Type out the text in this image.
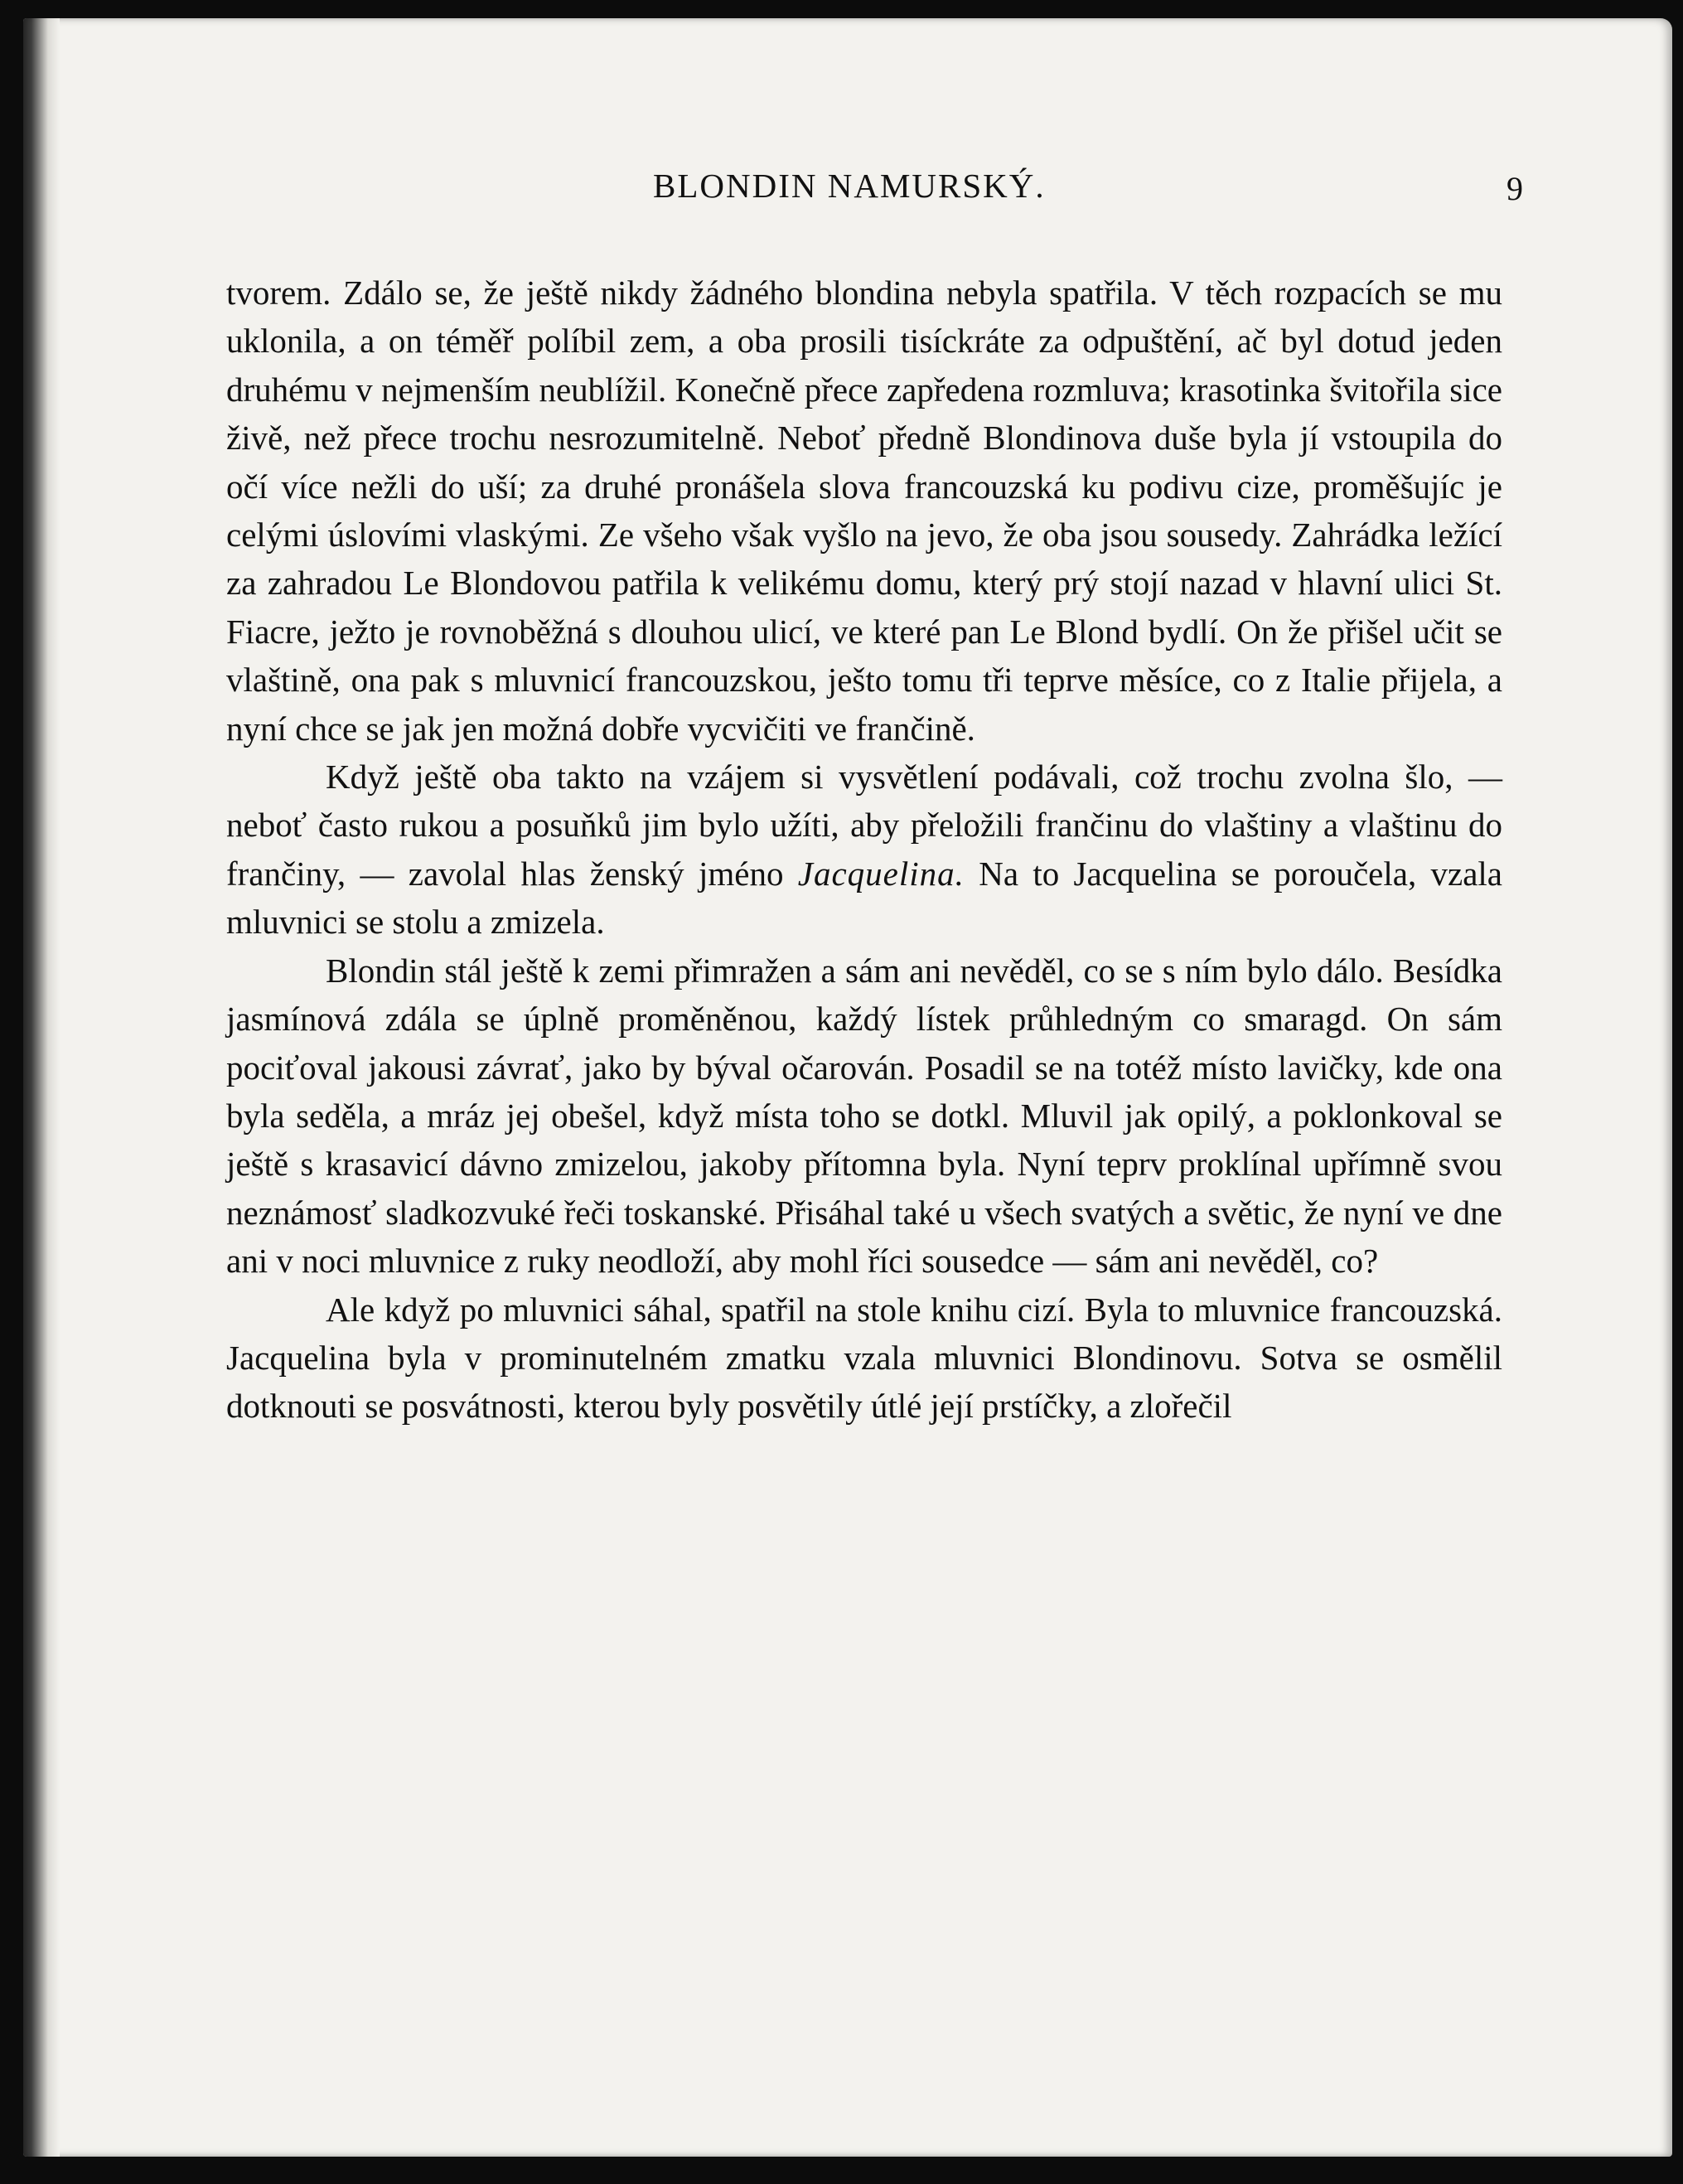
BLONDIN NAMURSKÝ.	9

tvorem. Zdálo se, že ještě nikdy žádného blondina nebyla spatřila. V těch rozpacích se mu uklonila, a on téměř políbil zem, a oba prosili tisíckráte za odpuštění, ač byl dotud jeden druhému v nejmenším neublížil. Konečně přece zapředena rozmluva; krasotinka švitořila sice živě, než přece trochu nesrozumitelně. Neboť předně Blondinova duše byla jí vstoupila do očí více nežli do uší; za druhé pronášela slova francouzská ku podivu cize, proměšujíc je celými úslovími vlaskými. Ze všeho však vyšlo na jevo, že oba jsou sousedy. Zahrádka ležící za zahradou Le Blondovou patřila k velikému domu, který prý stojí nazad v hlavní ulici St. Fiacre, ježto je rovnoběžná s dlouhou ulicí, ve které pan Le Blond bydlí. On že přišel učit se vlaštině, ona pak s mluvnicí francouzskou, ješto tomu tři teprve měsíce, co z Italie přijela, a nyní chce se jak jen možná dobře vycvičiti ve frančině.

Když ještě oba takto na vzájem si vysvětlení podávali, což trochu zvolna šlo, — neboť často rukou a posuňků jim bylo užíti, aby přeložili frančinu do vlaštiny a vlaštinu do frančiny, — zavolal hlas ženský jméno Jacquelina. Na to Jacquelina se poroučela, vzala mluvnici se stolu a zmizela.

Blondin stál ještě k zemi přimražen a sám ani nevěděl, co se s ním bylo dálo. Besídka jasmínová zdála se úplně proměněnou, každý lístek průhledným co smaragd. On sám pociťoval jakousi závrať, jako by býval očarován. Posadil se na totéž místo lavičky, kde ona byla seděla, a mráz jej obešel, když místa toho se dotkl. Mluvil jak opilý, a poklonkoval se ještě s krasavicí dávno zmizelou, jakoby přítomna byla. Nyní teprv proklínal upřímně svou neznámosť sladkozvuké řeči toskanské. Přisáhal také u všech svatých a světic, že nyní ve dne ani v noci mluvnice z ruky neodloží, aby mohl říci sousedce — sám ani nevěděl, co?

Ale když po mluvnici sáhal, spatřil na stole knihu cizí. Byla to mluvnice francouzská. Jacquelina byla v prominutelném zmatku vzala mluvnici Blondinovu. Sotva se osmělil dotknouti se posvátnosti, kterou byly posvětily útlé její prstíčky, a zlořečil
